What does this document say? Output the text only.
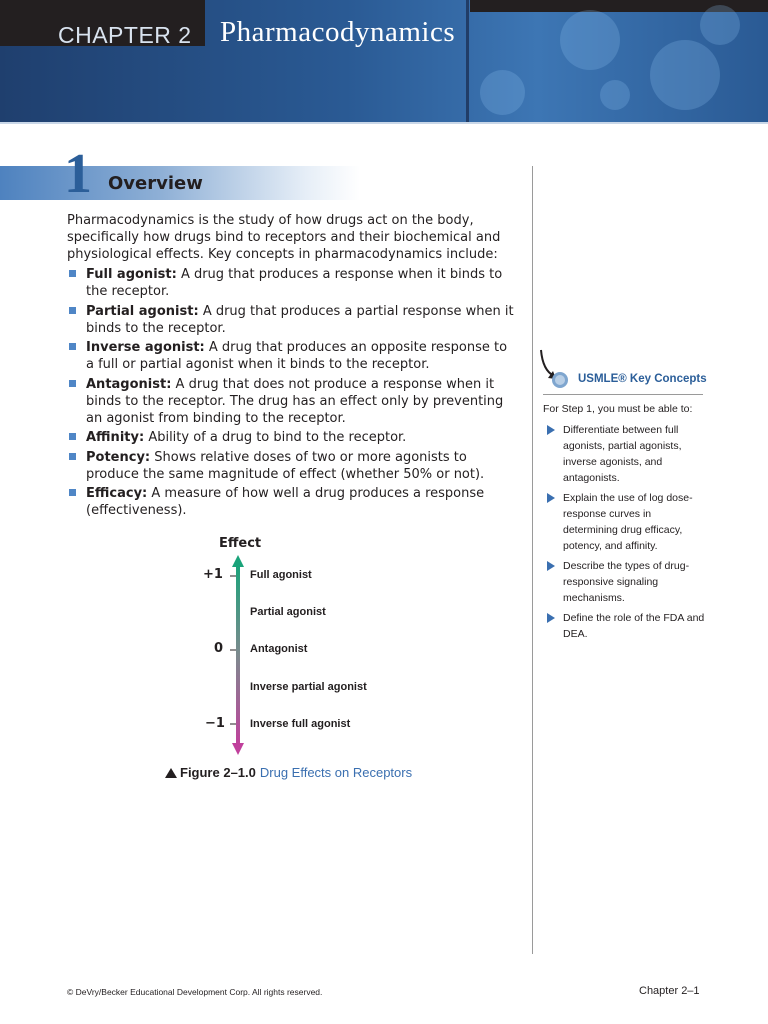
CHAPTER 2 Pharmacodynamics
1 Overview
Pharmacodynamics is the study of how drugs act on the body, specifically how drugs bind to receptors and their biochemical and physiological effects. Key concepts in pharmacodynamics include:
Full agonist: A drug that produces a response when it binds to the receptor.
Partial agonist: A drug that produces a partial response when it binds to the receptor.
Inverse agonist: A drug that produces an opposite response to a full or partial agonist when it binds to the receptor.
Antagonist: A drug that does not produce a response when it binds to the receptor. The drug has an effect only by preventing an agonist from binding to the receptor.
Affinity: Ability of a drug to bind to the receptor.
Potency: Shows relative doses of two or more agonists to produce the same magnitude of effect (whether 50% or not).
Efficacy: A measure of how well a drug produces a response (effectiveness).
Effect
+1
0
−1
Full agonist
Partial agonist
Antagonist
Inverse partial agonist
Inverse full agonist
Figure 2–1.0 Drug Effects on Receptors
USMLE® Key Concepts
For Step 1, you must be able to:
Differentiate between full agonists, partial agonists, inverse agonists, and antagonists.
Explain the use of log dose-response curves in determining drug efficacy, potency, and affinity.
Describe the types of drug-responsive signaling mechanisms.
Define the role of the FDA and DEA.
© DeVry/Becker Educational Development Corp. All rights reserved.	Chapter 2–1
